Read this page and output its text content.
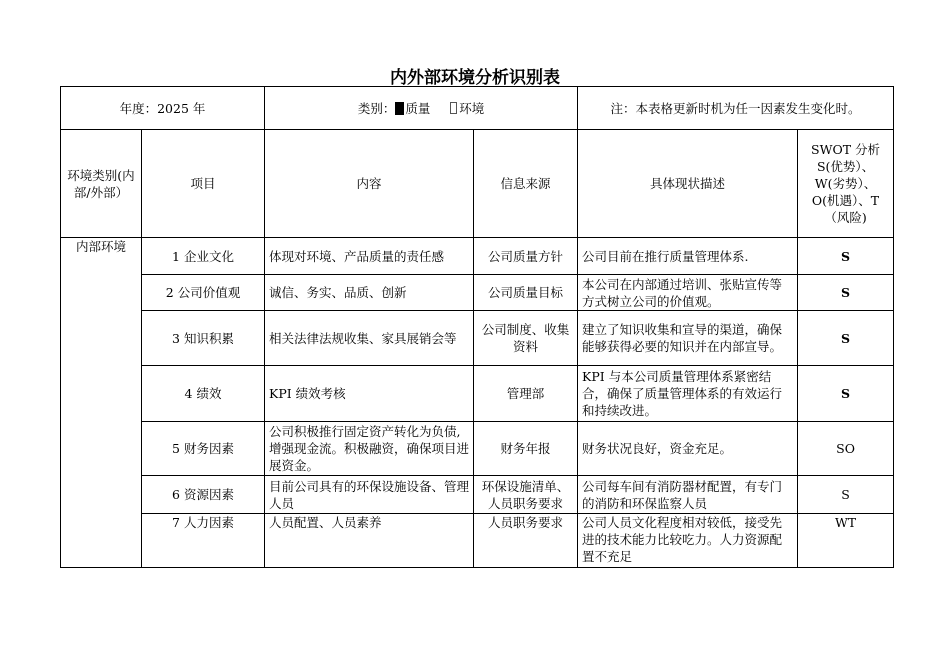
内外部环境分析识别表
年度：2025 年		类别： 质量 环境		注：本表格更新时机为任一因素发生变化时。	
环境类别(内部/外部）	项目	内容	信息来源	具体现状描述	SWOT 分析 S(优势）、W(劣势）、O(机遇）、T（风险)
内部环境	1 企业文化	体现对环境、产品质量的责任感	公司质量方针	公司目前在推行质量管理体系.	S
	2 公司价值观	诚信、务实、品质、创新	公司质量目标	本公司在内部通过培训、张贴宣传等方式树立公司的价值观。	S
	3 知识积累	相关法律法规收集、家具展销会等	公司制度、收集资料	建立了知识收集和宣导的渠道，确保能够获得必要的知识并在内部宣导。	S
	4 绩效	KPI 绩效考核	管理部	KPI 与本公司质量管理体系紧密结合，确保了质量管理体系的有效运行和持续改进。	S
	5 财务因素	公司积极推行固定资产转化为负债,增强现金流。积极融资，确保项目进展资金。	财务年报	财务状况良好，资金充足。	SO
	6 资源因素	目前公司具有的环保设施设备、管理人员	环保设施清单、人员职务要求	公司每车间有消防器材配置，有专门的消防和环保监察人员	S
	7 人力因素	人员配置、人员素养	人员职务要求	公司人员文化程度相对较低，接受先进的技术能力比较吃力。人力资源配置不充足	WT
